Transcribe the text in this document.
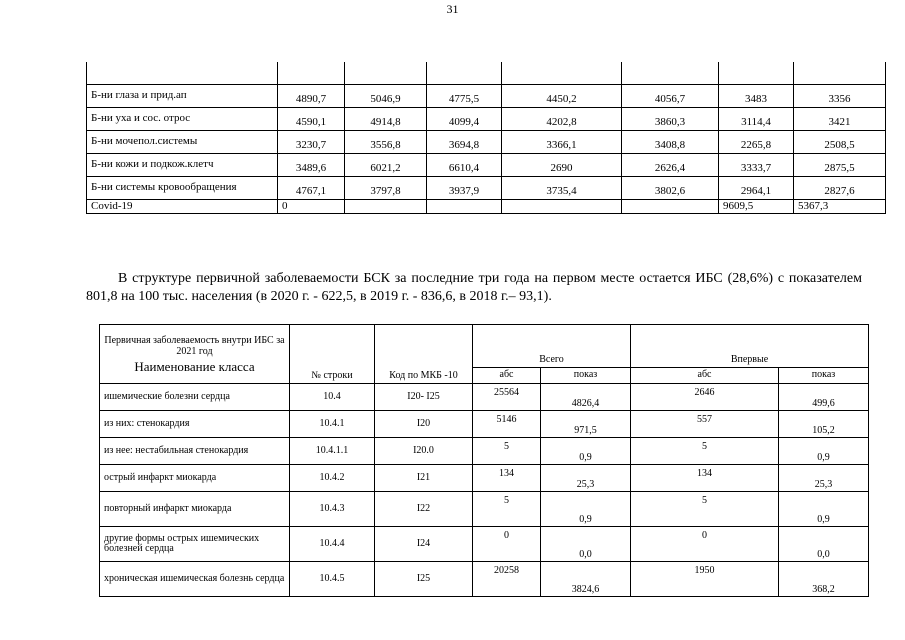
31

Б-ни глаза и прид.ап	4890,7	5046,9	4775,5	4450,2	4056,7	3483	3356
Б-ни уха и сос. отрос	4590,1	4914,8	4099,4	4202,8	3860,3	3114,4	3421
Б-ни мочепол.системы	3230,7	3556,8	3694,8	3366,1	3408,8	2265,8	2508,5
Б-ни кожи и подкож.клетч	3489,6	6021,2	6610,4	2690	2626,4	3333,7	2875,5
Б-ни системы кровообращения	4767,1	3797,8	3937,9	3735,4	3802,6	2964,1	2827,6
Covid-19	0					9609,5	5367,3

В структуре первичной заболеваемости БСК за последние три года на первом месте остается ИБС (28,6%) с показателем 801,8 на 100 тыс. населения (в 2020 г. - 622,5, в 2019 г. - 836,6, в 2018 г.– 93,1).

Первичная заболеваемость внутри ИБС за 2021 год
Наименование класса	№ строки	Код по МКБ -10	Всего		Впервые	
			абс	показ	абс	показ
ишемические болезни сердца	10.4	I20- I25	25564	4826,4	2646	499,6
из них: стенокардия	10.4.1	I20	5146	971,5	557	105,2
из нее: нестабильная стенокардия	10.4.1.1	I20.0	5	0,9	5	0,9
острый инфаркт миокарда	10.4.2	I21	134	25,3	134	25,3
повторный инфаркт миокарда	10.4.3	I22	5	0,9	5	0,9
другие формы острых ишемических болезней сердца	10.4.4	I24	0	0,0	0	0,0
хроническая ишемическая болезнь сердца	10.4.5	I25	20258	3824,6	1950	368,2
